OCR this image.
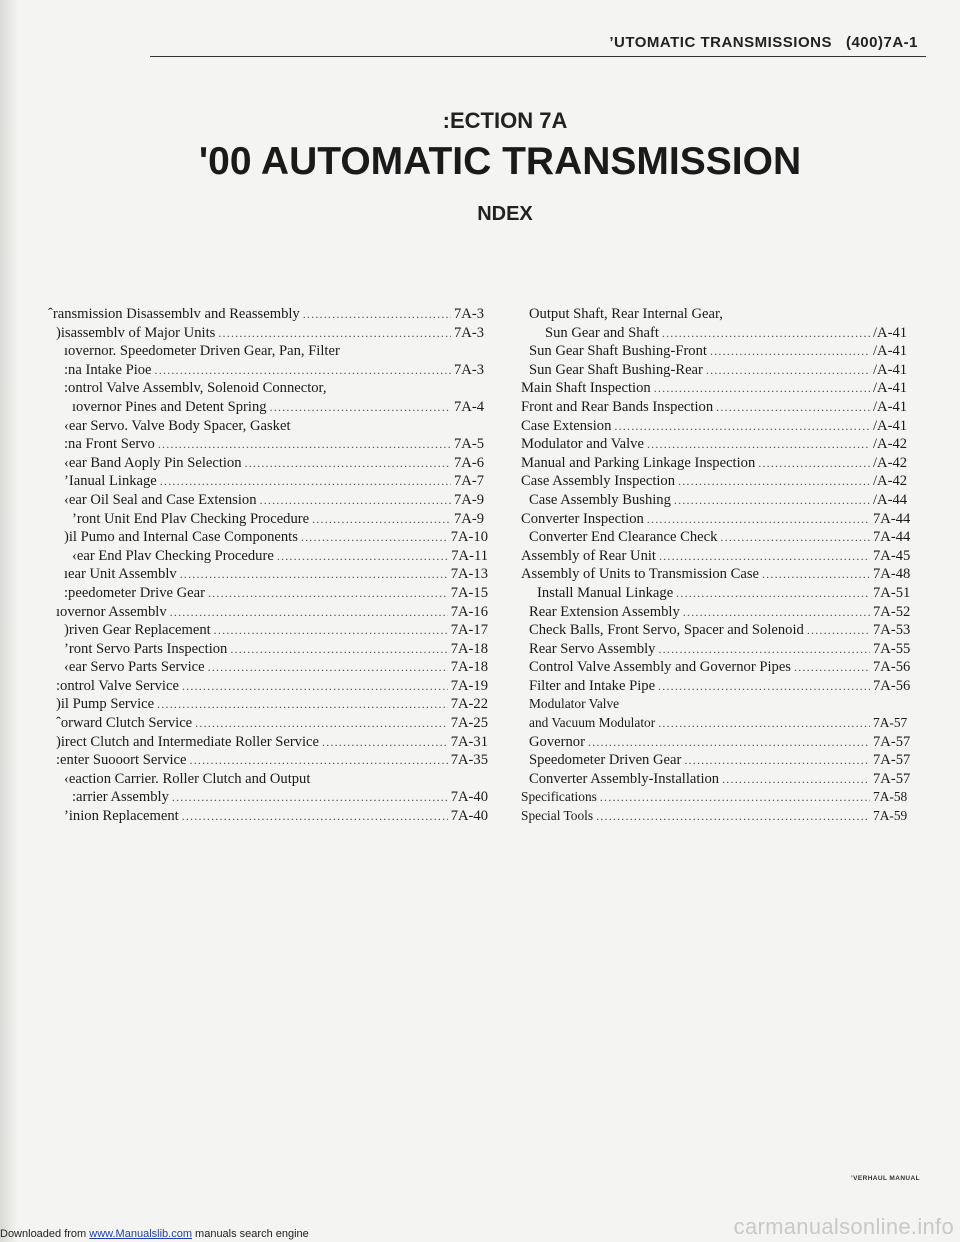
’UTOMATIC TRANSMISSIONS (400)7A-1
:ECTION 7A
'00 AUTOMATIC TRANSMISSION
NDEX
ˆransmission Disassemblv and Reassembly .....	7A-3
)isassemblv of Major Units .....	7A-3
ıovernor. Speedometer Driven Gear, Pan, Filter
:na Intake Pioe .....	7A-3
:ontrol Valve Assemblv, Solenoid Connector,
ıovernor Pines and Detent Spring .....	7A-4
‹ear Servo. Valve Body Spacer, Gasket
:na Front Servo .....	7A-5
‹ear Band Aoply Pin Selection .....	7A-6
’Ianual Linkage .....	7A-7
‹ear Oil Seal and Case Extension .....	7A-9
’ront Unit End Plav Checking Procedure .....	7A-9
)il Pumo and Internal Case Components .....	7A-10
‹ear End Plav Checking Procedure .....	7A-11
ıear Unit Assemblv .....	7A-13
:peedometer Drive Gear .....	7A-15
ıovernor Assemblv .....	7A-16
)riven Gear Replacement .....	7A-17
’ront Servo Parts Inspection .....	7A-18
‹ear Servo Parts Service .....	7A-18
:ontrol Valve Service .....	7A-19
)il Pump Service .....	7A-22
ˆorward Clutch Service .....	7A-25
)irect Clutch and Intermediate Roller Service .....	7A-31
:enter Suooort Service .....	7A-35
‹eaction Carrier. Roller Clutch and Output
:arrier Assembly .....	7A-40
’inion Replacement .....	7A-40
Output Shaft, Rear Internal Gear,
Sun Gear and Shaft .....	/A-41
Sun Gear Shaft Bushing-Front .....	/A-41
Sun Gear Shaft Bushing-Rear .....	/A-41
Main Shaft Inspection .....	/A-41
Front and Rear Bands Inspection .....	/A-41
Case Extension .....	/A-41
Modulator and Valve .....	/A-42
Manual and Parking Linkage Inspection .....	/A-42
Case Assembly Inspection .....	/A-42
Case Assembly Bushing .....	/A-44
Converter Inspection .....	7A-44
Converter End Clearance Check .....	7A-44
Assembly of Rear Unit .....	7A-45
Assembly of Units to Transmission Case .....	7A-48
Install Manual Linkage .....	7A-51
Rear Extension Assembly .....	7A-52
Check Balls, Front Servo, Spacer and Solenoid .....	7A-53
Rear Servo Assembly .....	7A-55
Control Valve Assembly and Governor Pipes .....	7A-56
Filter and Intake Pipe .....	7A-56
Modulator Valve
and Vacuum Modulator .....	7A-57
Governor .....	7A-57
Speedometer Driven Gear .....	7A-57
Converter Assembly-Installation .....	7A-57
Specifications .....	7A-58
Special Tools .....	7A-59
’VERHAUL MANUAL
Downloaded from www.Manualslib.com manuals search engine	carmanualsonline.info
